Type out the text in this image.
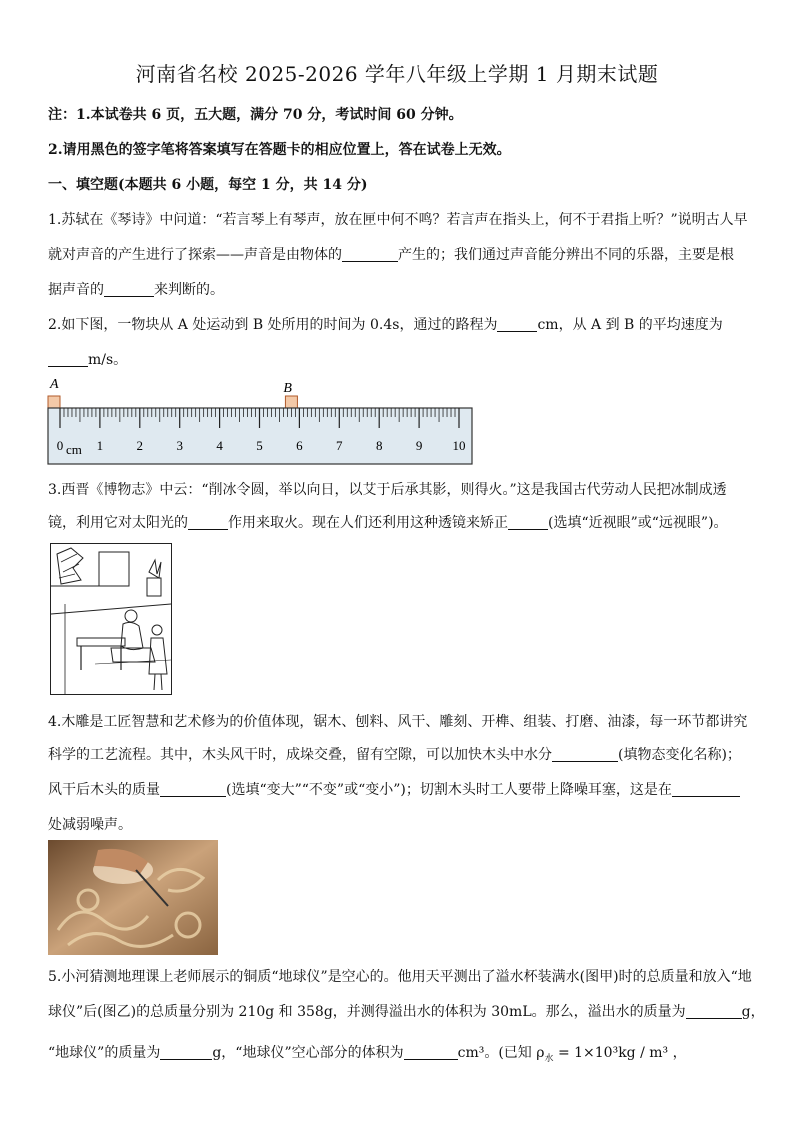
河南省名校 2025-2026 学年八年级上学期 1 月期末试题
注：1.本试卷共 6 页，五大题，满分 70 分，考试时间 60 分钟。
2.请用黑色的签字笔将答案填写在答题卡的相应位置上，答在试卷上无效。
一、填空题(本题共 6 小题，每空 1 分，共 14 分)
1.苏轼在《琴诗》中问道：“若言琴上有琴声，放在匣中何不鸣？若言声在指头上，何不于君指上听？”说明古人早
就对声音的产生进行了探索——声音是由物体的	产生的；我们通过声音能分辨出不同的乐器，主要是根
据声音的	来判断的。
2.如下图，一物块从 A 处运动到 B 处所用的时间为 0.4s，通过的路程为	cm，从 A 到 B 的平均速度为
m/s。
A	B
0	1	2	3	4	5	6	7	8	9 10
cm
3.西晋《博物志》中云：“削冰令圆，举以向日，以艾于后承其影，则得火。”这是我国古代劳动人民把冰制成透
镜，利用它对太阳光的	作用来取火。现在人们还利用这种透镜来矫正	(选填“近视眼”或“远视眼”)。
4.木雕是工匠智慧和艺术修为的价值体现，锯木、刨料、风干、雕刻、开榫、组装、打磨、油漆，每一环节都讲究
科学的工艺流程。其中，木头风干时，成垛交叠，留有空隙，可以加快木头中水分	(填物态变化名称)；
风干后木头的质量	(选填“变大”“不变”或“变小”)；切割木头时工人要带上降噪耳塞，这是在
处减弱噪声。
5.小河猜测地理课上老师展示的铜质“地球仪”是空心的。他用天平测出了溢水杯装满水(图甲)时的总质量和放入“地
球仪”后(图乙)的总质量分别为 210g 和 358g，并测得溢出水的体积为 30mL。那么，溢出水的质量为	g，
“地球仪”的质量为	g，“地球仪”空心部分的体积为	cm³。(已知 $\rho_水 = 1\times 10^3kg / m^3$ ，
